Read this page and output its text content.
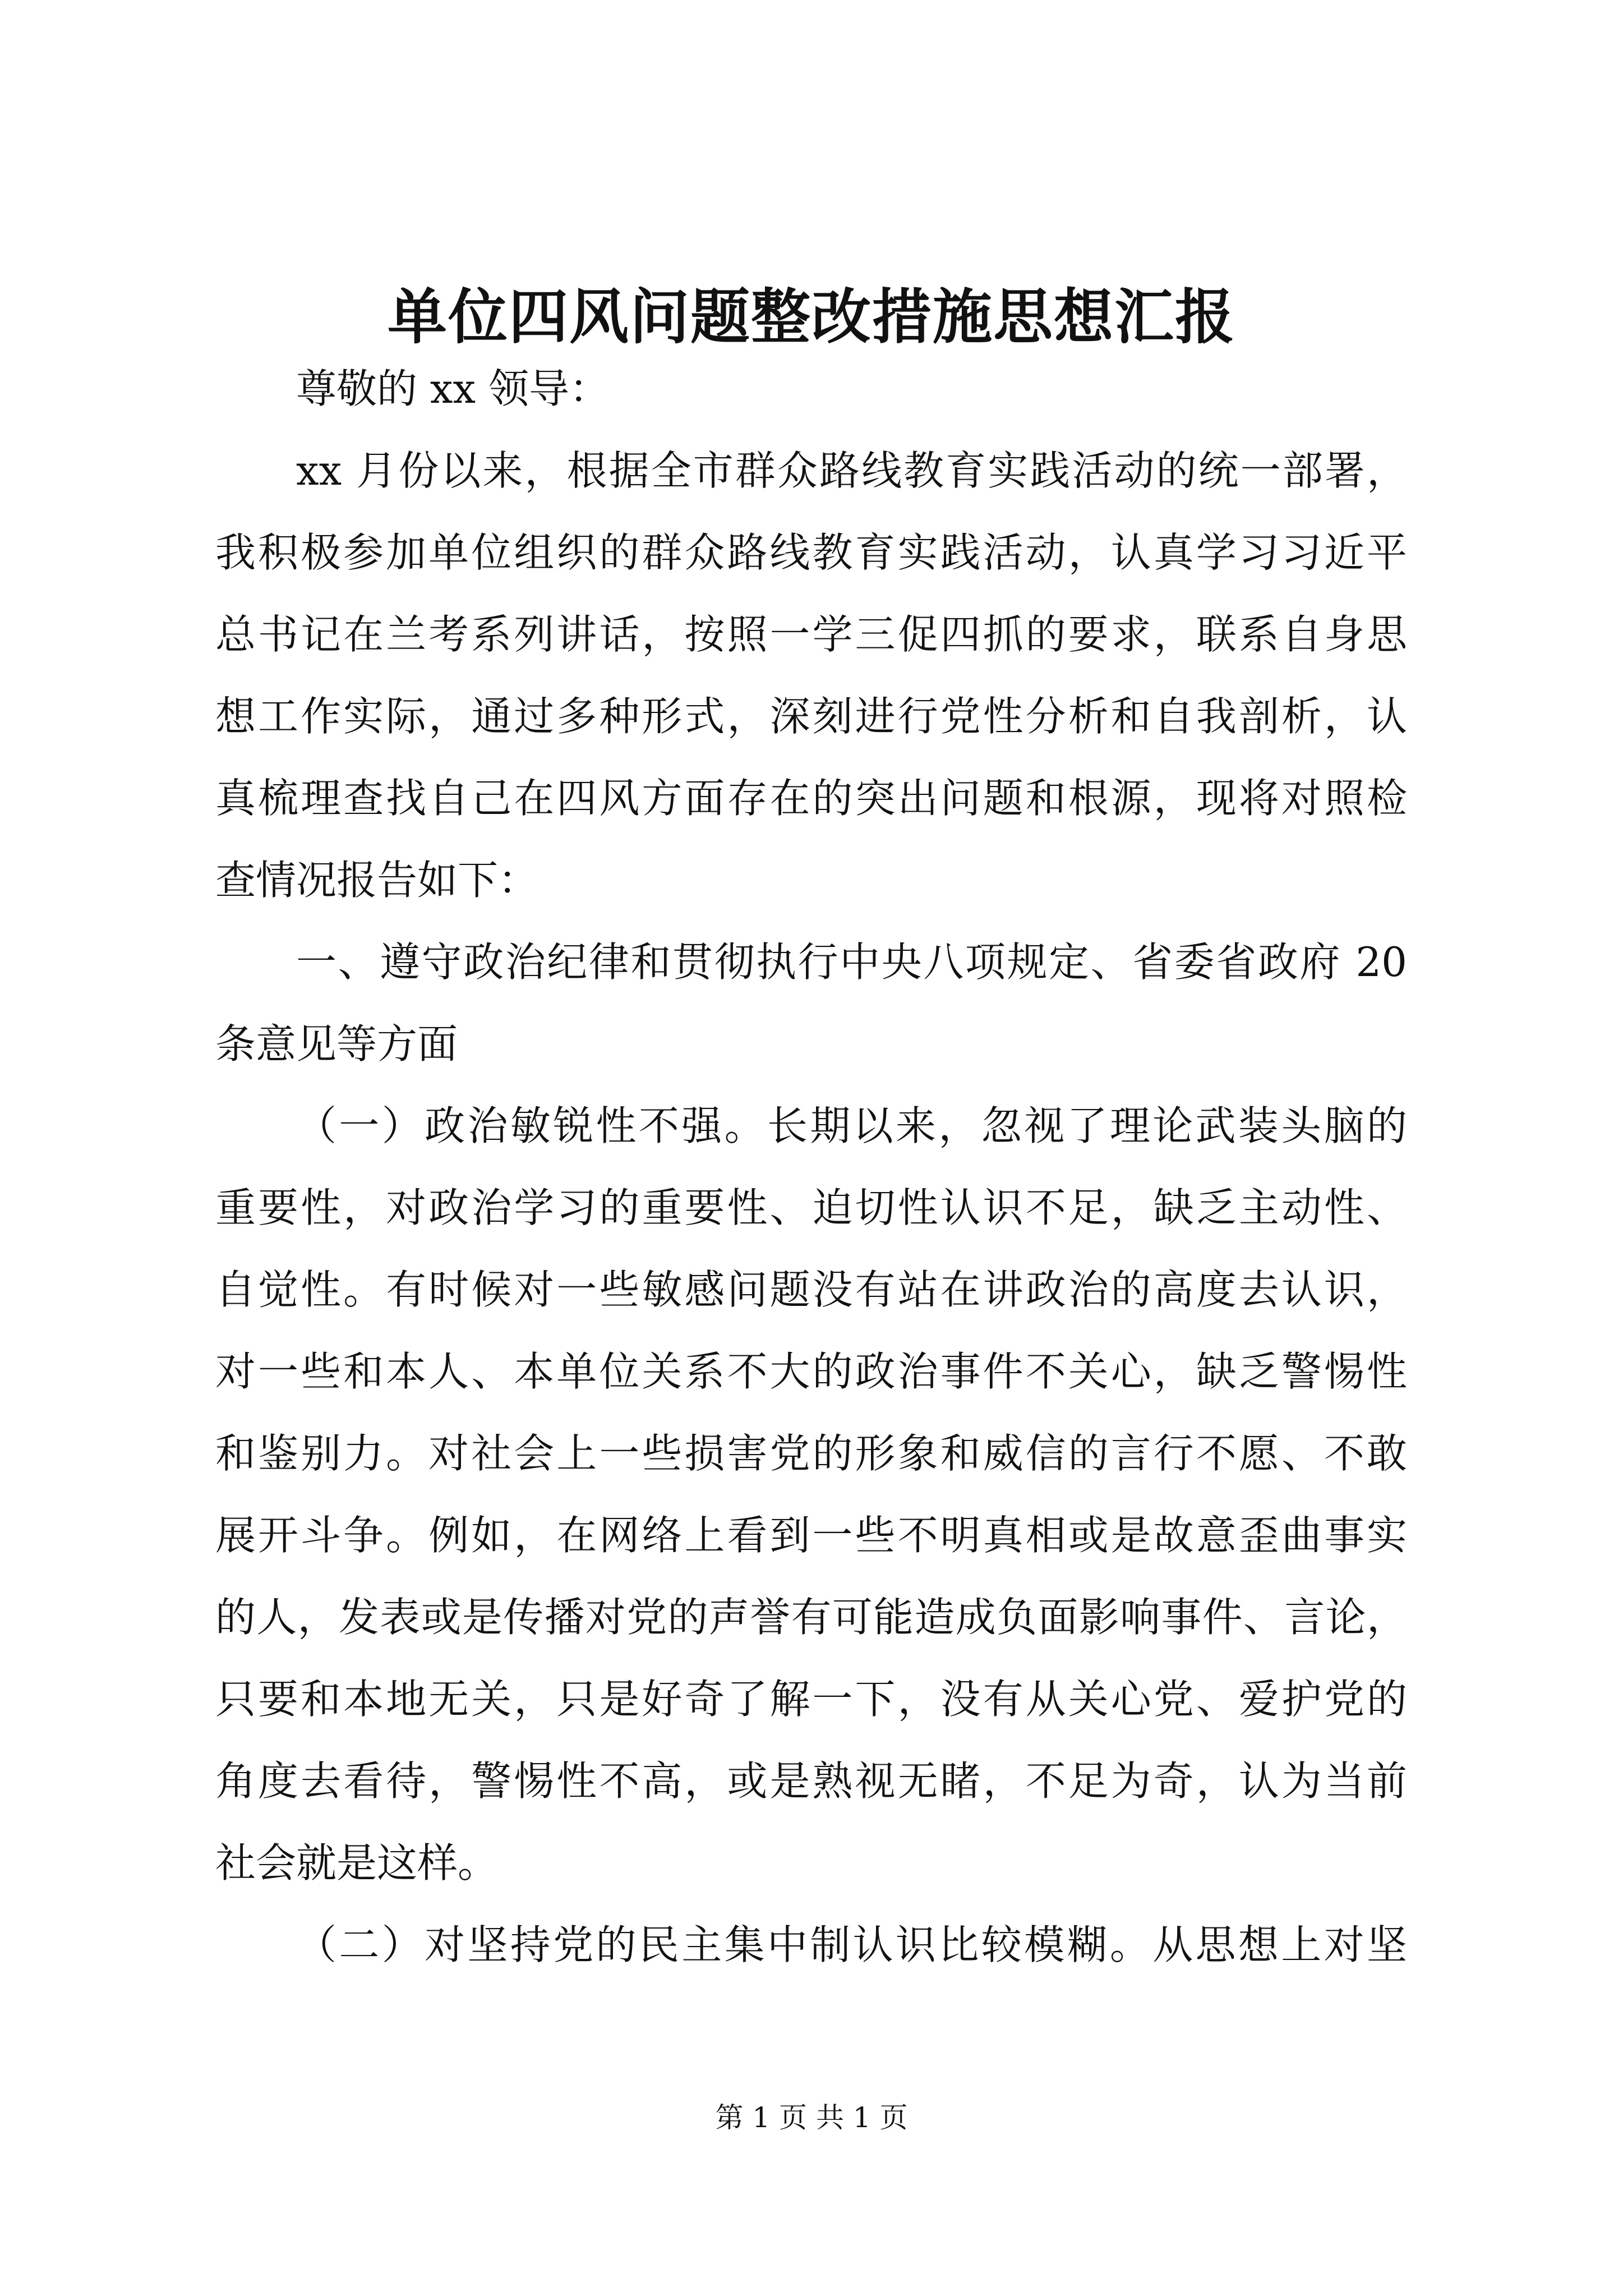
单位四风问题整改措施思想汇报
尊敬的 xx 领导：
xx 月份以来，根据全市群众路线教育实践活动的统一部署，
我积极参加单位组织的群众路线教育实践活动，认真学习习近平
总书记在兰考系列讲话，按照一学三促四抓的要求，联系自身思
想工作实际，通过多种形式，深刻进行党性分析和自我剖析，认
真梳理查找自己在四风方面存在的突出问题和根源，现将对照检
查情况报告如下：
一、遵守政治纪律和贯彻执行中央八项规定、省委省政府 20
条意见等方面
（一）政治敏锐性不强。长期以来，忽视了理论武装头脑的
重要性，对政治学习的重要性、迫切性认识不足，缺乏主动性、
自觉性。有时候对一些敏感问题没有站在讲政治的高度去认识，
对一些和本人、本单位关系不大的政治事件不关心，缺乏警惕性
和鉴别力。对社会上一些损害党的形象和威信的言行不愿、不敢
展开斗争。例如，在网络上看到一些不明真相或是故意歪曲事实
的人，发表或是传播对党的声誉有可能造成负面影响事件、言论，
只要和本地无关，只是好奇了解一下，没有从关心党、爱护党的
角度去看待，警惕性不高，或是熟视无睹，不足为奇，认为当前
社会就是这样。
（二）对坚持党的民主集中制认识比较模糊。从思想上对坚
第 1 页 共 1 页
